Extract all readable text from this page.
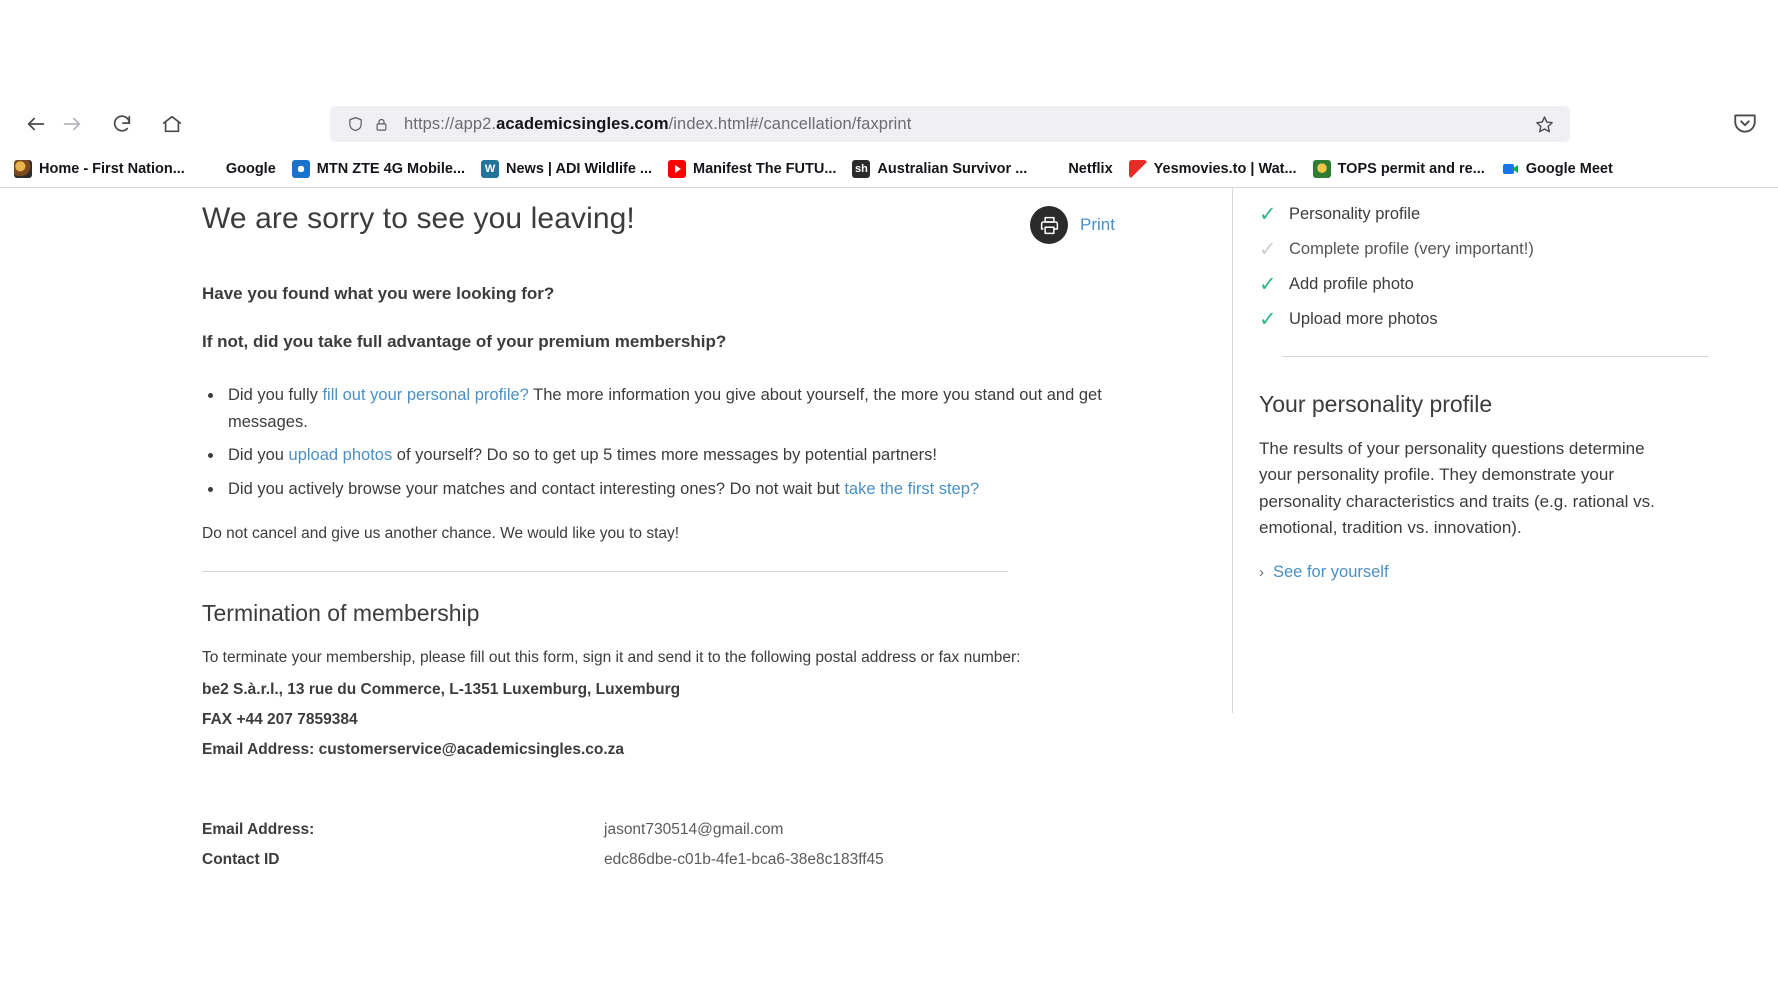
https://app2.academicsingles.com/index.html#/cancellation/faxprint
Home - First Nation...	G Google	MTN ZTE 4G Mobile...	W News | ADI Wildlife ...	Manifest The FUTU... sh Australian Survivor ...	N Netflix	Yesmovies.to | Wat...	TOPS permit and re...	Google Meet
We are sorry to see you leaving!	Print
Have you found what you were looking for?
If not, did you take full advantage of your premium membership?
• Did you fully fill out your personal profile? The more information you give about yourself, the more you stand out and get messages.
• Did you upload photos of yourself? Do so to get up 5 times more messages by potential partners!
• Did you actively browse your matches and contact interesting ones? Do not wait but take the first step?
Do not cancel and give us another chance. We would like you to stay!
Termination of membership
To terminate your membership, please fill out this form, sign it and send it to the following postal address or fax number:
be2 S.à.r.l., 13 rue du Commerce, L-1351 Luxemburg, Luxemburg
FAX +44 207 7859384
Email Address: customerservice@academicsingles.co.za
Email Address:	jasont730514@gmail.com
Contact ID	edc86dbe-c01b-4fe1-bca6-38e8c183ff45
✓ Personality profile
✓ Complete profile (very important!)
✓ Add profile photo
✓ Upload more photos
Your personality profile
The results of your personality questions determine your personality profile. They demonstrate your personality characteristics and traits (e.g. rational vs. emotional, tradition vs. innovation).
› See for yourself
